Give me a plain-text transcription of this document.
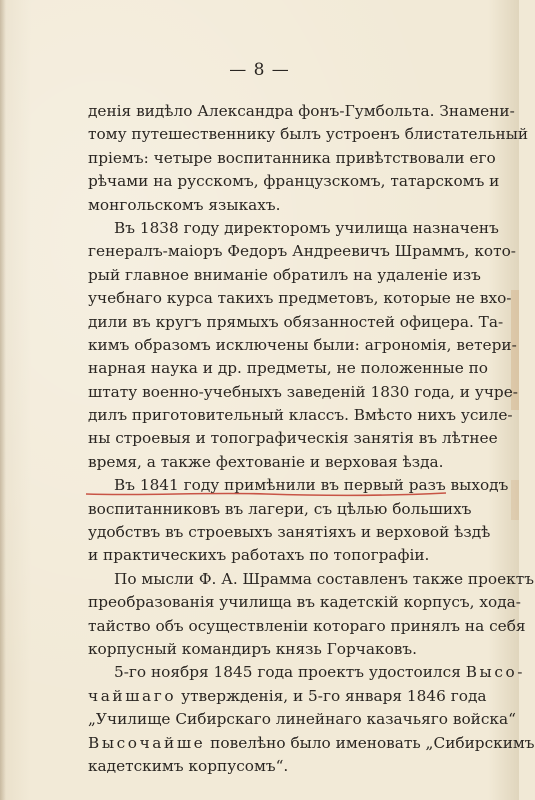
— 8 —
денія видѣло Александра фонъ-Гумбольта. Знамени-
тому путешественнику былъ устроенъ блистательный
пріемъ: четыре воспитанника привѣтствовали его
рѣчами на русскомъ, французскомъ, татарскомъ и
монгольскомъ языкахъ.
Въ 1838 году директоромъ училища назначенъ
генералъ-маіоръ Федоръ Андреевичъ Шраммъ, кото-
рый главное вниманіе обратилъ на удаленіе изъ
учебнаго курса такихъ предметовъ, которые не вхо-
дили въ кругъ прямыхъ обязанностей офицера. Та-
кимъ образомъ исключены были: агрономія, ветери-
нарная наука и др. предметы, не положенные по
штату военно-учебныхъ заведеній 1830 года, и учре-
дилъ приготовительный классъ. Вмѣсто нихъ усиле-
ны строевыя и топографическія занятія въ лѣтнее
время, а также фехтованіе и верховая ѣзда.
Въ 1841 году примѣнили въ первый разъ выходъ
воспитанниковъ въ лагери, съ цѣлью большихъ
удобствъ въ строевыхъ занятіяхъ и верховой ѣздѣ
и практическихъ работахъ по топографіи.
По мысли Ф. А. Шрамма составленъ также проектъ
преобразованія училища въ кадетскій корпусъ, хода-
тайство объ осуществленіи котораго принялъ на себя
корпусный командиръ князь Горчаковъ.
5-го ноября 1845 года проектъ удостоился Высо-
чайшаго утвержденія, и 5-го января 1846 года
„Училище Сибирскаго линейнаго казачьяго войска“
Высочайше повелѣно было именовать „Сибирскимъ
кадетскимъ корпусомъ“.
